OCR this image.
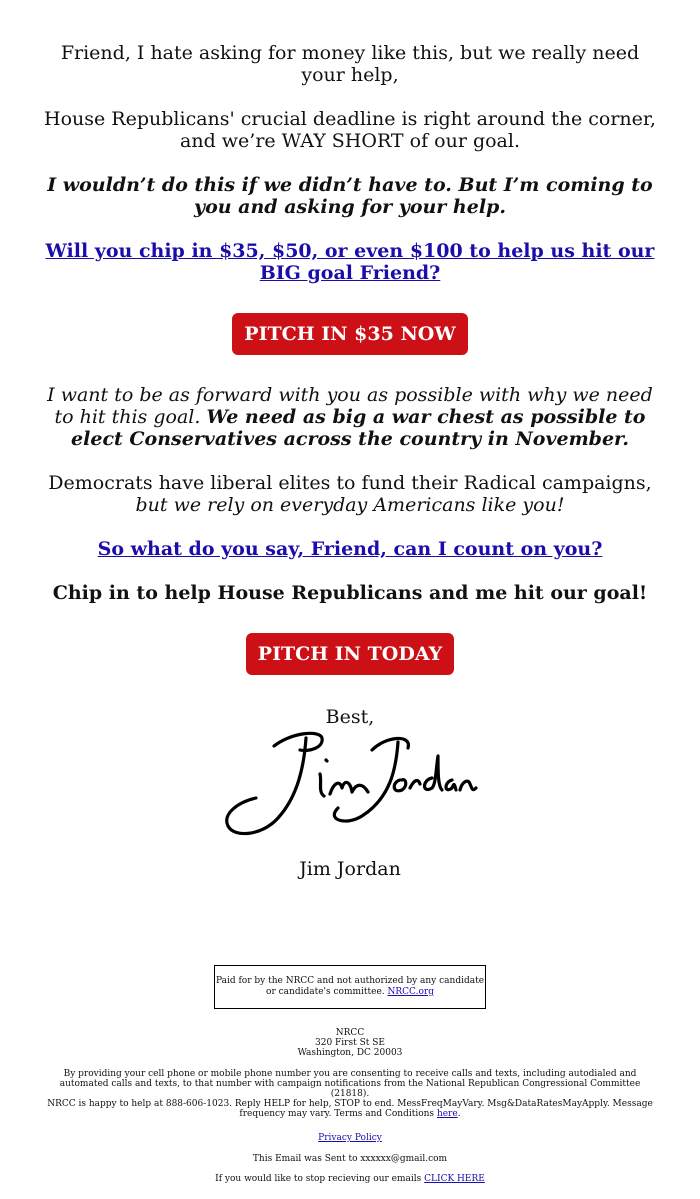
Friend, I hate asking for money like this, but we really need your help,

House Republicans' crucial deadline is right around the corner, and we’re WAY SHORT of our goal.

I wouldn’t do this if we didn’t have to. But I’m coming to you and asking for your help.

Will you chip in $35, $50, or even $100 to help us hit our BIG goal Friend?
PITCH IN $35 NOW

I want to be as forward with you as possible with why we need to hit this goal. We need as big a war chest as possible to elect Conservatives across the country in November.

Democrats have liberal elites to fund their Radical campaigns, but we rely on everyday Americans like you!

So what do you say, Friend, can I count on you?

Chip in to help House Republicans and me hit our goal!

PITCH IN TODAY

Best,

Jim Jordan

Paid for by the NRCC and not authorized by any candidate or candidate's committee. NRCC.org
NRCC
320 First St SE
Washington, DC 20003

By providing your cell phone or mobile phone number you are consenting to receive calls and texts, including autodialed and automated calls and texts, to that number with campaign notifications from the National Republican Congressional Committee (21818).

NRCC is happy to help at 888-606-1023. Reply HELP for help, STOP to end. MessFreqMayVary. Msg&DataRatesMayApply. Message frequency may vary. Terms and Conditions here.

Privacy Policy

This Email was Sent to xxxxxx@gmail.com

If you would like to stop recieving our emails CLICK HERE
